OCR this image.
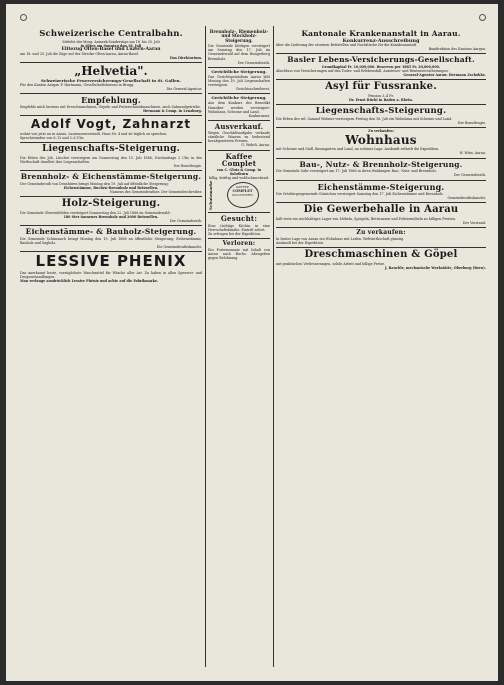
Schweizerische Centralbahn.

Mittelst der Morg. Anmerk-Sonderzüge am 18. bis 25. Juli

in Olten am Sonntag den 18. Juli

Elitezug Olten-Basel und Luzern-Aarau

am 18. und 25. Juli die Züge auf der Strecke Olten-Aarau, Aarau-Basel.

Das Direktorium.

„Helvetia".

Schweizerische Feuerversicherungs-Gesellschaft in St. Gallen.

Für den Kanton Aargau F. Hartmann, Gesellschaftsbureau in Brugg.

Die General-Agentur.

Empfehlung.

Empfehle mich bestens mit Dreschmaschinen, Göpeln und Futterschneidmaschinen, auch Zahnradgetriebe.

Hermann & Comp. in Lenzburg.

Adolf Vogt, Zahnarzt

wohnt von jetzt an in Aarau, Laurenzenvorstadt, Haus Nr. 4 und ist täglich zu sprechen.

Sprechstunden von 8–12 und 2–6 Uhr.

Liegenschafts-Steigerung.

Die Erben des Joh. Lüscher versteigern am Donnerstag den 15. Juli 1886, Nachmittags 2 Uhr, in der Wirthschaft daselbst ihre Liegenschaften.

Der Beauftragte.

Brennholz- & Eichenstämme-Steigerung.

Der Gemeinderath von Densbüren bringt Montag den 19. Juli auf öffentliche Steigerung:

Eichenstämme, Buchen-Brennholz und Reiswellen.

Namens des Gemeinderathes: Der Gemeindeschreiber.

Holz-Steigerung.

Die Gemeinde Oberentfelden versteigert Donnerstag den 22. Juli 1886 im Gemeindewald:

180 Ster tannenes Brennholz und 2000 Reiswellen.

Der Gemeinderath.

Eichenstämme- & Bauholz-Steigerung.

Die Gemeinde Schinznach bringt Montag den 19. Juli 1886 an öffentliche Steigerung: Eichenstämme, Bauholz und Sagholz.

Die Gemeinderathskanzlei.

LESSIVE PHENIX

Das anerkannt beste, vorzüglichste Waschmittel für Wäsche aller Art. Zu haben in allen Spezerei- und Droguenhandlungen.

Man verlange ausdrücklich Lessive Phénix und achte auf die Fabrikmarke.

Brennholz-, Riemenholz- und Stockholz-Steigerung.

Die Gemeinde Küttigen versteigert am Samstag den 17. Juli im Gemeindewald auf dem Hungerberg Brennholz.

Der Gemeinderath.

Gerichtliche Steigerung.

Das Gerichtspräsidium Aarau läßt Montag den 19. Juli Liegenschaften versteigern.

Gerichtsschreiberei.

Gerichtliche Steigerung.

Aus dem Konkurs des Benedikt Hunziker werden versteigert: Wohnhaus, Scheune und Land.

Konkursamt.

Ausverkauf.

Wegen Geschäftsaufgabe verkaufe sämtliche Waaren zu bedeutend herabgesetzten Preisen.

G. Wehrli, Aarau.

Kaffee Complet

von C. Glutz & Comp. in Solothurn

billig, kräftig und wohlschmeckend.

Schutzmarke	KAFFEE
COMPLET
SOLOTHURN
Gesucht:

Eine tüchtige Köchin in eine Herrschaftsfamilie. Eintritt sofort.

Zu erfragen bei der Expedition.

Verloren:

Ein Portemonnaie mit Inhalt von Aarau nach Buchs. Abzugeben gegen Belohnung.

Kantonale Krankenanstalt in Aarau.

Konkurrenz-Ausschreibung

über die Lieferung der eisernen Bettstellen und Nachttische für die Krankenanstalt.

Baudirektion des Kantons Aargau.

Basler Lebens-Versicherungs-Gesellschaft.

Grundkapital Fr. 10,000,000. Reserven per 1885 Fr. 20,000,000.

Abschluss von Versicherungen auf den Todes- und Erlebensfall, Aussteuer- und Rentenversicherungen.

General-Agentur Aarau: Hermann Zschokke.

Asyl für Fussranke.

Pension 3–4 Fr.

Dr. Ernst Büchi in Baden a. Rhein.

Liegenschafts-Steigerung.

Die Erben des sel. Samuel Widmer versteigern Freitag den 16. Juli ein Wohnhaus mit Scheune und Land.

Der Beauftragte.

Zu verkaufen:

Wohnhaus

mit Scheune und Stall, Baumgarten und Land, an schöner Lage. Auskunft ertheilt die Expedition.

W. Wüst, Aarau.

Bau-, Nutz- & Brennholz-Steigerung.

Die Gemeinde Suhr versteigert am 17. Juli 1886 in ihren Waldungen Bau-, Nutz- und Brennholz.

Der Gemeinderath.

Eichenstämme-Steigerung.

Die Ortsbürgergemeinde Gränichen versteigert Samstag den 17. Juli Eichenstämme und Brennholz.

Gemeinderathskanzlei.

Die Gewerbehalle in Aarau

hält stets ein reichhaltiges Lager von Möbeln, Spiegeln, Bettwaaren und Polstermöbeln zu billigen Preisen.

Der Vorstand.

Zu verkaufen:

In bester Lage von Aarau ein Wohnhaus mit Laden. Weltwirthschaft günstig.

Auskunft bei der Expedition.

Dreschmaschinen & Göpel

mit praktischen Verbesserungen, solide Arbeit und billige Preise.

J. Rauchle, mechanische Werkstätte, Oberburg (Bern).
